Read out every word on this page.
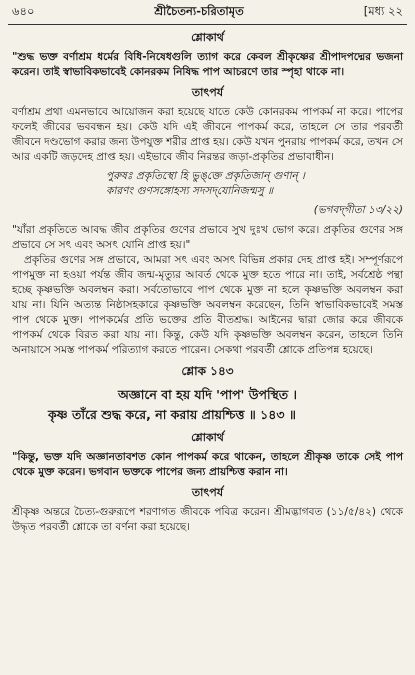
৬৪০	শ্রীচৈতন্য-চরিতামৃত	[মধ্য ২২
শ্লোকার্থ

"শুদ্ধ ভক্ত বর্ণাশ্রম ধর্মের বিধি-নিষেধগুলি ত্যাগ করে কেবল শ্রীকৃষ্ণের শ্রীপাদপদ্মের ভজনা করেন। তাই স্বাভাবিকভাবেই কোনরকম নিষিদ্ধ পাপ আচরণে তার স্পৃহা থাকে না।

তাৎপর্য

বর্ণাশ্রম প্রথা এমনভাবে আয়োজন করা হয়েছে যাতে কেউ কোনরকম পাপকর্ম না করে। পাপের ফলেই জীবের ভববন্ধন হয়। কেউ যদি এই জীবনে পাপকর্ম করে, তাহলে সে তার পরবর্তী জীবনে দণ্ডভোগ করার জন্য উপযুক্ত শরীর প্রাপ্ত হয়। কেউ যখন পুনরায় পাপকর্ম করে, তখন সে আর একটি জড়দেহ প্রাপ্ত হয়। এইভাবে জীব নিরন্তর জড়া-প্রকৃতির প্রভাবাধীন।

পুরুষঃ প্রকৃতিস্থো হি ভুঙ্‌ক্তে প্রকৃতিজান্ গুণান্ ।
কারণং গুণসঙ্গোহস্য সদসদ্‌যোনিজন্মসু ॥
(ভগবদ্‌গীতা ১৩/২২)

"যাঁরা প্রকৃতিতে আবদ্ধ জীব প্রকৃতির গুণের প্রভাবে সুখ দুঃখ ভোগ করে। প্রকৃতির গুণের সঙ্গ প্রভাবে সে সৎ এবং অসৎ যোনি প্রাপ্ত হয়।"

প্রকৃতির গুণের সঙ্গ প্রভাবে, আমরা সৎ এবং অসৎ বিভিন্ন প্রকার দেহ প্রাপ্ত হই। সম্পূর্ণরূপে পাপমুক্ত না হওয়া পর্যন্ত জীব জন্ম-মৃত্যুর আবর্ত থেকে মুক্ত হতে পারে না। তাই, সর্বশ্রেষ্ঠ পন্থা হচ্ছে কৃষ্ণভক্তি অবলম্বন করা। সর্বতোভাবে পাপ থেকে মুক্ত না হলে কৃষ্ণভক্তি অবলম্বন করা যায় না। যিনি অত্যন্ত নিষ্ঠাসহকারে কৃষ্ণভক্তি অবলম্বন করেছেন, তিনি স্বাভাবিকভাবেই সমস্ত পাপ থেকে মুক্ত। পাপকর্মের প্রতি ভক্তের প্রতি বীতশ্রদ্ধ। আইনের দ্বারা জোর করে জীবকে পাপকর্ম থেকে বিরত করা যায় না। কিন্তু, কেউ যদি কৃষ্ণভক্তি অবলম্বন করেন, তাহলে তিনি অনায়াসে সমস্ত পাপকর্ম পরিত্যাগ করতে পারেন। সেকথা পরবর্তী শ্লোকে প্রতিপন্ন হয়েছে।

শ্লোক ১৪৩

অজ্ঞানে বা হয় যদি 'পাপ' উপস্থিত ।

কৃষ্ণ তাঁরে শুদ্ধ করে, না করায় প্রায়শ্চিত্ত ॥ ১৪৩ ॥

শ্লোকার্থ

"কিন্তু, ভক্ত যদি অজ্ঞানতাবশত কোন পাপকর্ম করে থাকেন, তাহলে শ্রীকৃষ্ণ তাকে সেই পাপ থেকে মুক্ত করেন। ভগবান ভক্তকে পাপের জন্য প্রায়শ্চিত্ত করান না।

তাৎপর্য

শ্রীকৃষ্ণ অন্তরে চৈত্য-গুরুরূপে শরণাগত জীবকে পবিত্র করেন। শ্রীমদ্ভাগবত (১১/৫/৪২) থেকে উদ্ধৃত পরবর্তী শ্লোকে তা বর্ণনা করা হয়েছে।
